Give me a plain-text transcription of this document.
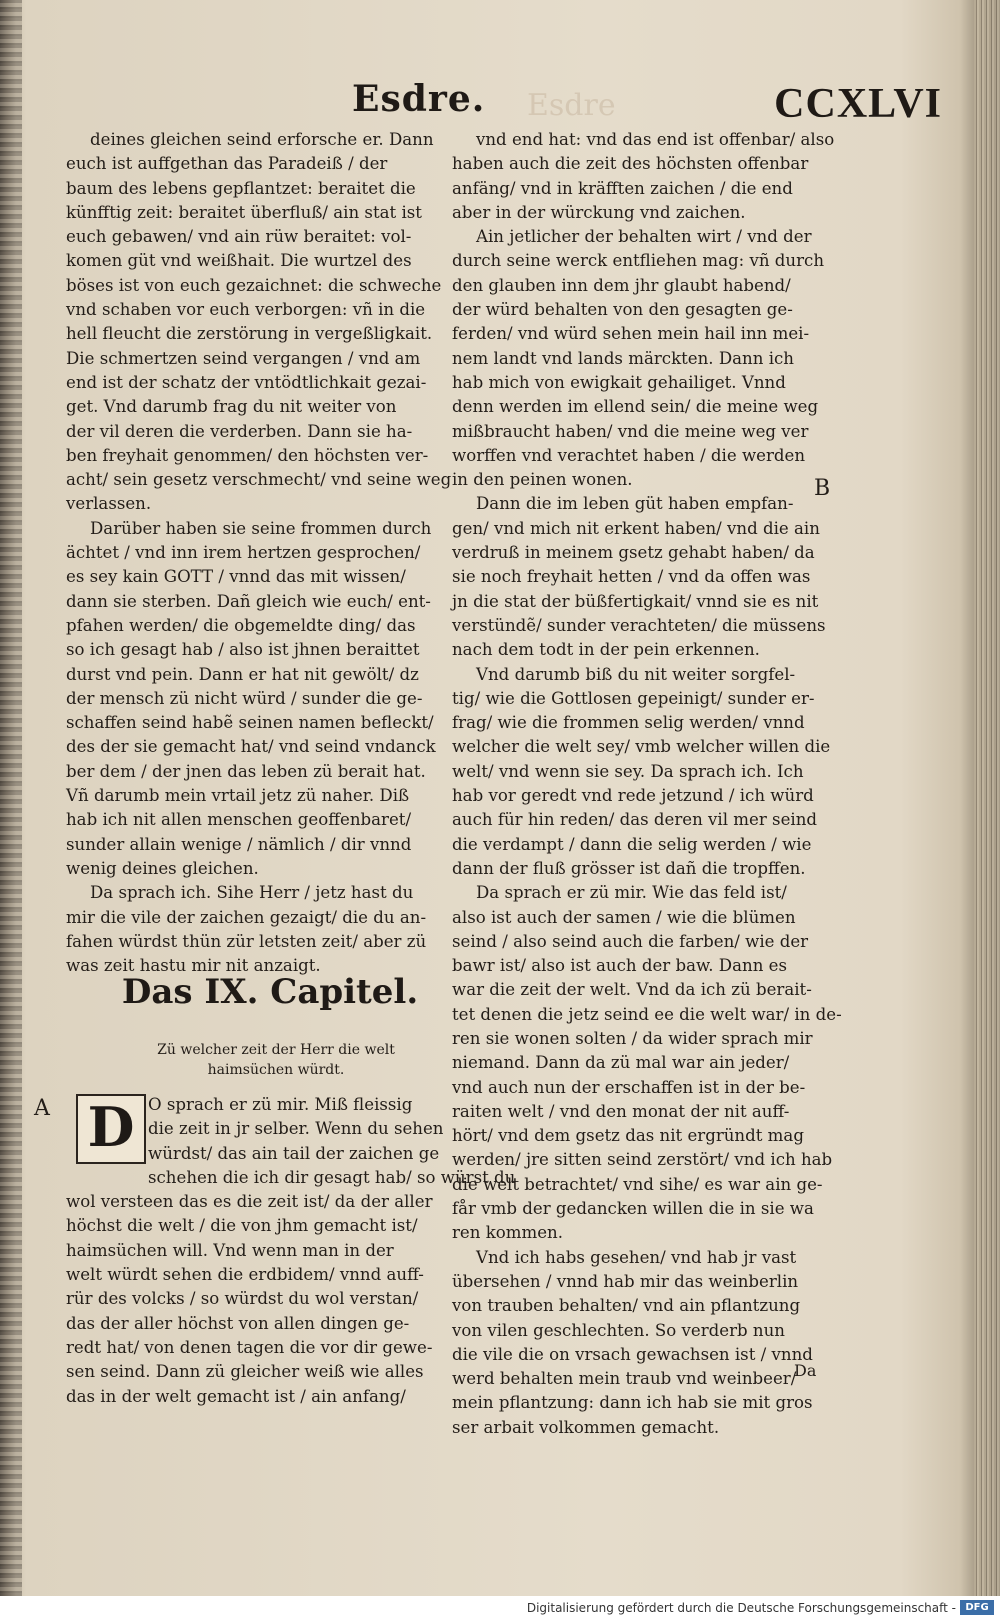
Esdre.	Esdre	CCXLVI

deines gleichen seind erforsche er. Dann
euch ist auffgethan das Paradeiß / der
baum des lebens gepflantzet: beraitet die
künfftig zeit: beraitet überfluß/ ain stat ist
euch gebawen/ vnd ain rüw beraitet: vol-
komen güt vnd weißhait. Die wurtzel des
böses ist von euch gezaichnet: die schweche
vnd schaben vor euch verborgen: vñ in die
hell fleucht die zerstörung in vergeßligkait.
Die schmertzen seind vergangen / vnd am
end ist der schatz der vntödtlichkait gezai-
get. Vnd darumb frag du nit weiter von
der vil deren die verderben. Dann sie ha-
ben freyhait genommen/ den höchsten ver-
acht/ sein gesetz verschmecht/ vnd seine weg
verlassen.

Darüber haben sie seine frommen durch
ächtet / vnd inn irem hertzen gesprochen/
es sey kain GOTT / vnnd das mit wissen/
dann sie sterben. Dañ gleich wie euch/ ent-
pfahen werden/ die obgemeldte ding/ das
so ich gesagt hab / also ist jhnen beraittet
durst vnd pein. Dann er hat nit gewölt/ dz
der mensch zü nicht würd / sunder die ge-
schaffen seind habẽ seinen namen befleckt/
des der sie gemacht hat/ vnd seind vndanck
ber dem / der jnen das leben zü berait hat.
Vñ darumb mein vrtail jetz zü naher. Diß
hab ich nit allen menschen geoffenbaret/
sunder allain wenige / nämlich / dir vnnd
wenig deines gleichen.

Da sprach ich. Sihe Herr / jetz hast du
mir die vile der zaichen gezaigt/ die du an-
fahen würdst thün zür letsten zeit/ aber zü
was zeit hastu mir nit anzaigt.

Das IX. Capitel.
Zü welcher zeit der Herr die welt
haimsüchen würdt.
A D O sprach er zü mir. Miß fleissig
die zeit in jr selber. Wenn du sehen
würdst/ das ain tail der zaichen ge
schehen die ich dir gesagt hab/ so würst du
wol versteen das es die zeit ist/ da der aller
höchst die welt / die von jhm gemacht ist/
haimsüchen will. Vnd wenn man in der
welt würdt sehen die erdbidem/ vnnd auff-
rür des volcks / so würdst du wol verstan/
das der aller höchst von allen dingen ge-
redt hat/ von denen tagen die vor dir gewe-
sen seind. Dann zü gleicher weiß wie alles
das in der welt gemacht ist / ain anfang/

vnd end hat: vnd das end ist offenbar/ also
haben auch die zeit des höchsten offenbar
anfäng/ vnd in kräfften zaichen / die end
aber in der würckung vnd zaichen.

Ain jetlicher der behalten wirt / vnd der
durch seine werck entfliehen mag: vñ durch
den glauben inn dem jhr glaubt habend/
der würd behalten von den gesagten ge-
ferden/ vnd würd sehen mein hail inn mei-
nem landt vnd lands märckten. Dann ich
hab mich von ewigkait gehailiget. Vnnd
denn werden im ellend sein/ die meine weg
mißbraucht haben/ vnd die meine weg ver
worffen vnd verachtet haben / die werden
in den peinen wonen.

Dann die im leben güt haben empfan-
gen/ vnd mich nit erkent haben/ vnd die ain
verdruß in meinem gsetz gehabt haben/ da
sie noch freyhait hetten / vnd da offen was
jn die stat der büßfertigkait/ vnnd sie es nit
verstündẽ/ sunder verachteten/ die müssens
nach dem todt in der pein erkennen.

Vnd darumb biß du nit weiter sorgfel-
tig/ wie die Gottlosen gepeinigt/ sunder er-
frag/ wie die frommen selig werden/ vnnd
welcher die welt sey/ vmb welcher willen die
welt/ vnd wenn sie sey. Da sprach ich. Ich
hab vor geredt vnd rede jetzund / ich würd
auch für hin reden/ das deren vil mer seind
die verdampt / dann die selig werden / wie
dann der fluß grösser ist dañ die tropffen.

Da sprach er zü mir. Wie das feld ist/
also ist auch der samen / wie die blümen
seind / also seind auch die farben/ wie der
bawr ist/ also ist auch der baw. Dann es
war die zeit der welt. Vnd da ich zü berait-
tet denen die jetz seind ee die welt war/ in de-
ren sie wonen solten / da wider sprach mir
niemand. Dann da zü mal war ain jeder/
vnd auch nun der erschaffen ist in der be-
raiten welt / vnd den monat der nit auff-
hört/ vnd dem gsetz das nit ergründt mag
werden/ jre sitten seind zerstört/ vnd ich hab
die welt betrachtet/ vnd sihe/ es war ain ge-
får vmb der gedancken willen die in sie wa
ren kommen.

Vnd ich habs gesehen/ vnd hab jr vast
übersehen / vnnd hab mir das weinberlin
von trauben behalten/ vnd ain pflantzung
von vilen geschlechten. So verderb nun
die vile die on vrsach gewachsen ist / vnnd
werd behalten mein traub vnd weinbeer/
mein pflantzung: dann ich hab sie mit gros
ser arbait volkommen gemacht.

B
Da
Digitalisierung gefördert durch die Deutsche Forschungsgemeinschaft - DFG
